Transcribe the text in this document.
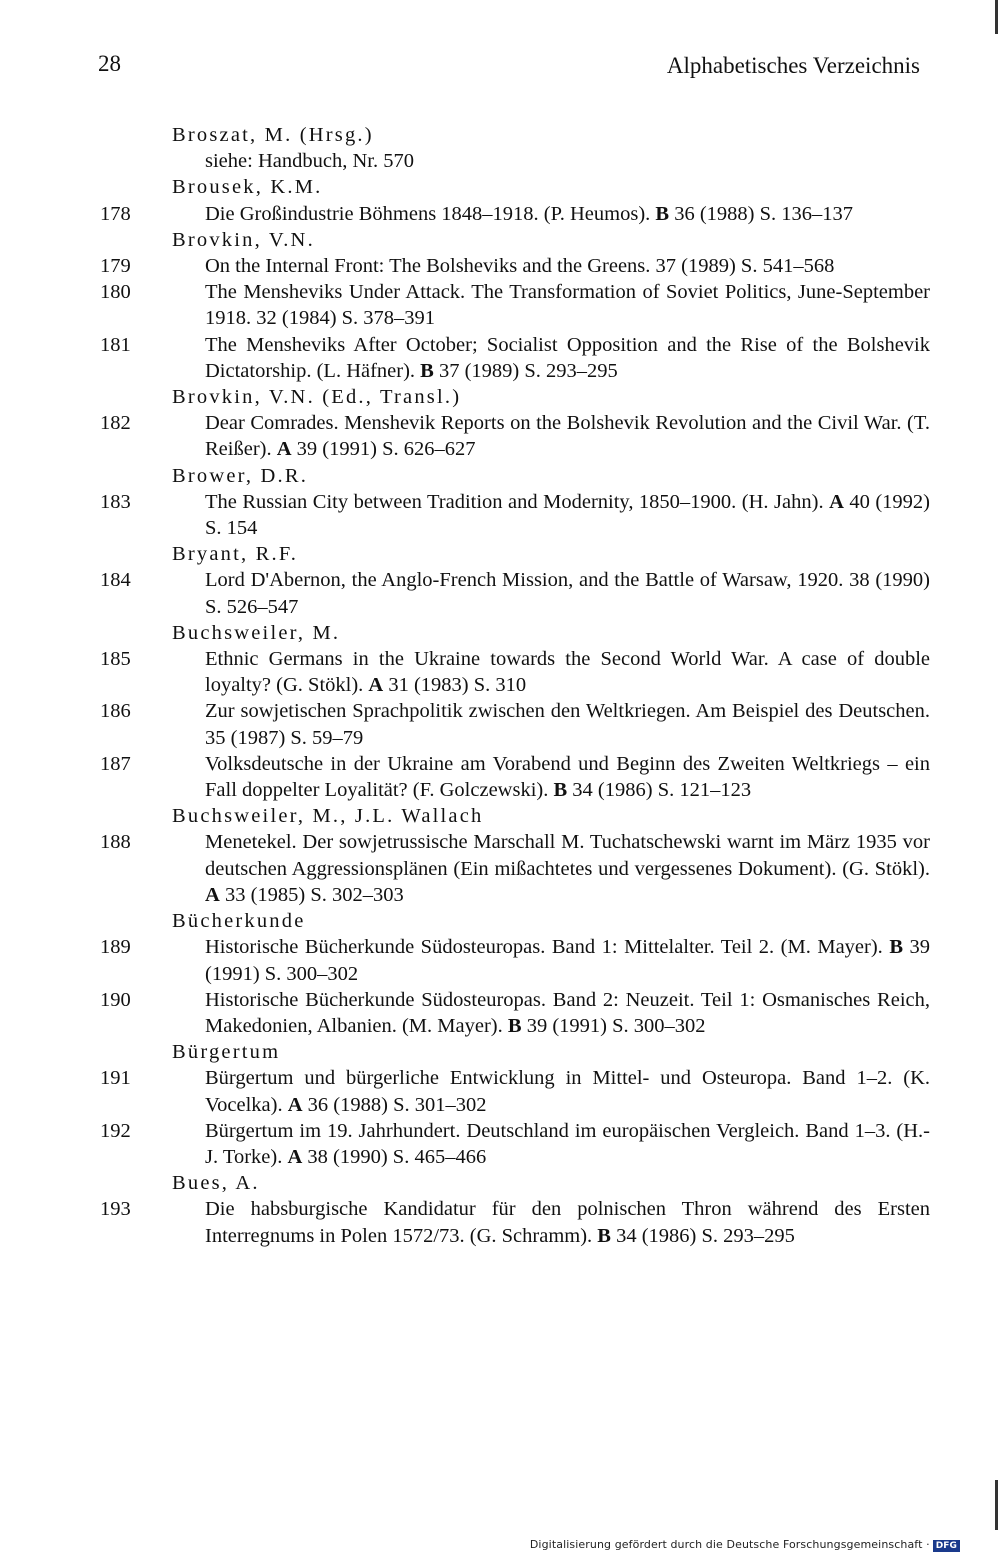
28	Alphabetisches Verzeichnis
Broszat, M. (Hrsg.)
siehe: Handbuch, Nr. 570
Brousek, K.M.
178	Die Großindustrie Böhmens 1848–1918. (P. Heumos). B 36 (1988) S. 136–137
Brovkin, V.N.
179	On the Internal Front: The Bolsheviks and the Greens. 37 (1989) S. 541–568
180	The Mensheviks Under Attack. The Transformation of Soviet Politics, June-September 1918. 32 (1984) S. 378–391
181	The Mensheviks After October; Socialist Opposition and the Rise of the Bolshevik Dictatorship. (L. Häfner). B 37 (1989) S. 293–295
Brovkin, V.N. (Ed., Transl.)
182	Dear Comrades. Menshevik Reports on the Bolshevik Revolution and the Civil War. (T. Reißer). A 39 (1991) S. 626–627
Brower, D.R.
183	The Russian City between Tradition and Modernity, 1850–1900. (H. Jahn). A 40 (1992) S. 154
Bryant, R.F.
184	Lord D'Abernon, the Anglo-French Mission, and the Battle of Warsaw, 1920. 38 (1990) S. 526–547
Buchsweiler, M.
185	Ethnic Germans in the Ukraine towards the Second World War. A case of double loyalty? (G. Stökl). A 31 (1983) S. 310
186	Zur sowjetischen Sprachpolitik zwischen den Weltkriegen. Am Beispiel des Deutschen. 35 (1987) S. 59–79
187	Volksdeutsche in der Ukraine am Vorabend und Beginn des Zweiten Weltkriegs – ein Fall doppelter Loyalität? (F. Golczewski). B 34 (1986) S. 121–123
Buchsweiler, M., J.L. Wallach
188	Menetekel. Der sowjetrussische Marschall M. Tuchatschewski warnt im März 1935 vor deutschen Aggressionsplänen (Ein mißachtetes und vergessenes Dokument). (G. Stökl). A 33 (1985) S. 302–303
Bücherkunde
189	Historische Bücherkunde Südosteuropas. Band 1: Mittelalter. Teil 2. (M. Mayer). B 39 (1991) S. 300–302
190	Historische Bücherkunde Südosteuropas. Band 2: Neuzeit. Teil 1: Osmanisches Reich, Makedonien, Albanien. (M. Mayer). B 39 (1991) S. 300–302
Bürgertum
191	Bürgertum und bürgerliche Entwicklung in Mittel- und Osteuropa. Band 1–2. (K. Vocelka). A 36 (1988) S. 301–302
192	Bürgertum im 19. Jahrhundert. Deutschland im europäischen Vergleich. Band 1–3. (H.-J. Torke). A 38 (1990) S. 465–466
Bues, A.
193	Die habsburgische Kandidatur für den polnischen Thron während des Ersten Interregnums in Polen 1572/73. (G. Schramm). B 34 (1986) S. 293–295
Digitalisierung gefördert durch die Deutsche Forschungsgemeinschaft · DFG
